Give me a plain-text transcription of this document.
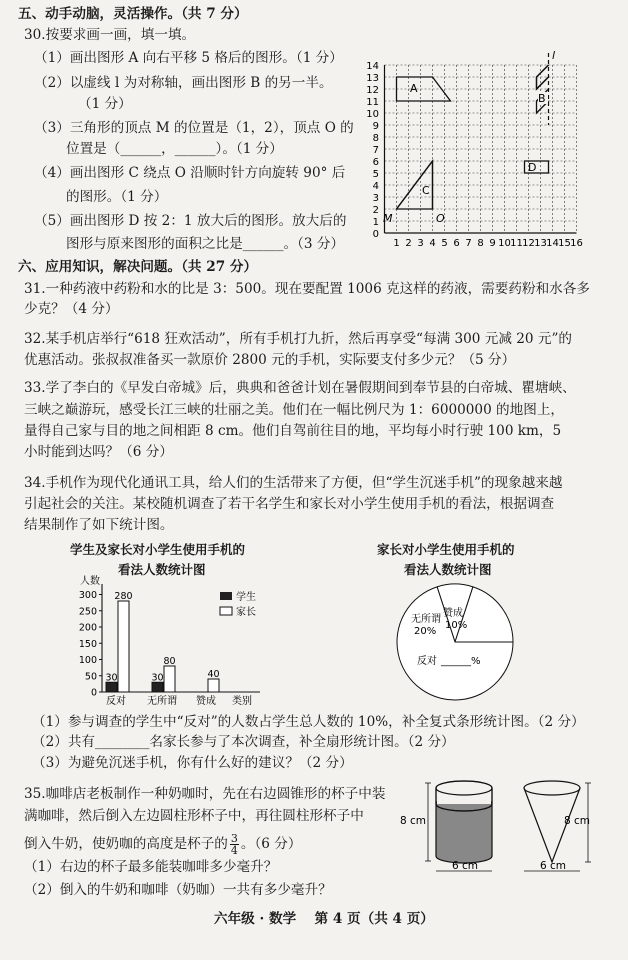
五、动手动脑，灵活操作。（共 7 分）
30.按要求画一画，填一填。
（1）画出图形 A 向右平移 5 格后的图形。（1 分）
（2）以虚线 l 为对称轴，画出图形 B 的另一半。
（1 分）
（3）三角形的顶点 M 的位置是（1，2），顶点 O 的
位置是（______，______）。（1 分）
（4）画出图形 C 绕点 O 沿顺时针方向旋转 90° 后
的图形。（1 分）
（5）画出图形 D 按 2：1 放大后的图形。放大后的
图形与原来图形的面积之比是______。（3 分）
14
13
12
11
10
9
8
7
6
5
4
3
2
1
0
1 2 3 4 5 6 7 8 9 10 11 12 13 14 15 16
A
l
B
C
M	O
D
六、应用知识，解决问题。（共 27 分）
31.一种药液中药粉和水的比是 3：500。现在要配置 1006 克这样的药液，需要药粉和水各多
少克？（4 分）
32.某手机店举行“618 狂欢活动”，所有手机打九折，然后再享受“每满 300 元减 20 元”的
优惠活动。张叔叔准备买一款原价 2800 元的手机，实际要支付多少元？（5 分）
33.学了李白的《早发白帝城》后，典典和爸爸计划在暑假期间到奉节县的白帝城、瞿塘峡、
三峡之巅游玩，感受长江三峡的壮丽之美。他们在一幅比例尺为 1：6000000 的地图上，
量得自己家与目的地之间相距 8 cm。他们自驾前往目的地，平均每小时行驶 100 km，5
小时能到达吗？（6 分）
34.手机作为现代化通讯工具，给人们的生活带来了方便，但“学生沉迷手机”的现象越来越
引起社会的关注。某校随机调查了若干名学生和家长对小学生使用手机的看法，根据调查
结果制作了如下统计图。
学生及家长对小学生使用手机的
看法人数统计图
家长对小学生使用手机的
看法人数统计图
人数
300
250
200
150
100
50
0
30
280
30
80
40
反对 无所谓 赞成 类别
学生
家长	赞成
10%
无所谓
20%
反对 ______%
（1）参与调查的学生中“反对”的人数占学生总人数的 10%，补全复式条形统计图。（2 分）
（2）共有________名家长参与了本次调查，补全扇形统计图。（2 分）
（3）为避免沉迷手机，你有什么好的建议？（2 分）
35.咖啡店老板制作一种奶咖时，先在右边圆锥形的杯子中装
满咖啡，然后倒入左边圆柱形杯子中，再往圆柱形杯子中
倒入牛奶，使奶咖的高度是杯子的 $\frac{3}{4}$ 。（6 分）
（1）右边的杯子最多能装咖啡多少毫升？
（2）倒入的牛奶和咖啡（奶咖）一共有多少毫升？
8 cm
6 cm
8 cm
6 cm
六年级 · 数学　 第 4 页（共 4 页）
